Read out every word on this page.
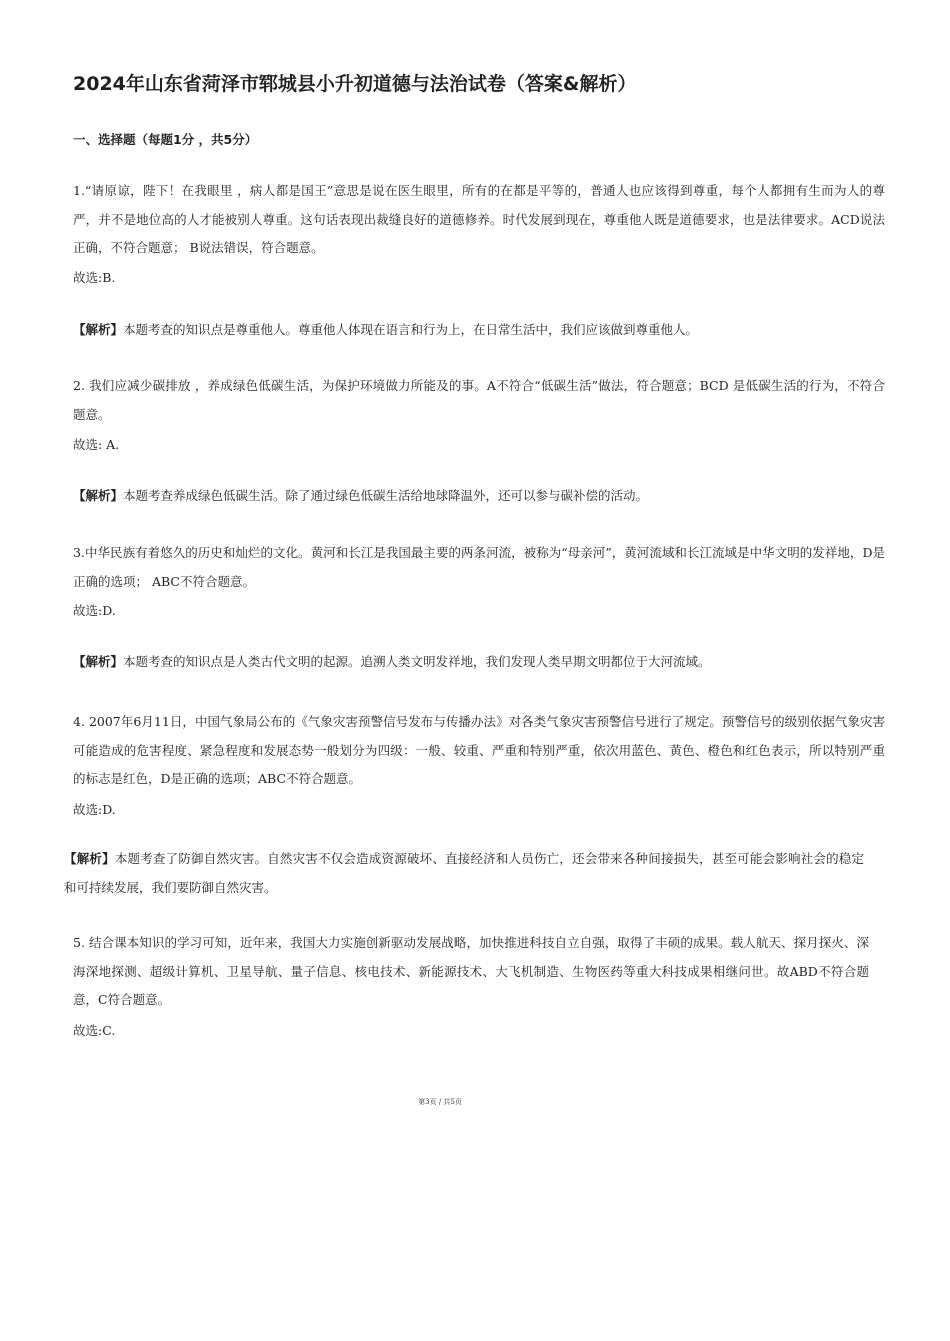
2024年山东省菏泽市郓城县小升初道德与法治试卷（答案&解析）
一、选择题（每题1分 ，共5分）

1.“请原谅，陛下！在我眼里 ，病人都是国王”意思是说在医生眼里，所有的在都是平等的，普通人也应该得到尊重，每个人都拥有生而为人的尊严，并不是地位高的人才能被别人尊重。这句话表现出裁缝良好的道德修养。时代发展到现在，尊重他人既是道德要求，也是法律要求。ACD说法正确，不符合题意； B说法错误，符合题意。

故选:B.

【解析】本题考查的知识点是尊重他人。尊重他人体现在语言和行为上，在日常生活中，我们应该做到尊重他人。

2. 我们应减少碳排放 ，养成绿色低碳生活，为保护环境做力所能及的事。A不符合“低碳生活”做法，符合题意；BCD 是低碳生活的行为，不符合题意。

故选: A.

【解析】本题考查养成绿色低碳生活。除了通过绿色低碳生活给地球降温外，还可以参与碳补偿的活动。

3.中华民族有着悠久的历史和灿烂的文化。黄河和长江是我国最主要的两条河流，被称为“母亲河”，黄河流域和长江流域是中华文明的发祥地，D是正确的选项； ABC不符合题意。

故选:D.

【解析】本题考查的知识点是人类古代文明的起源。追溯人类文明发祥地，我们发现人类早期文明都位于大河流域。

4. 2007年6月11日，中国气象局公布的《气象灾害预警信号发布与传播办法》对各类气象灾害预警信号进行了规定。预警信号的级别依据气象灾害可能造成的危害程度、紧急程度和发展态势一般划分为四级：一般、较重、严重和特别严重，依次用蓝色、黄色、橙色和红色表示，所以特别严重的标志是红色，D是正确的选项；ABC不符合题意。

故选:D.

【解析】本题考查了防御自然灾害。自然灾害不仅会造成资源破坏、直接经济和人员伤亡，还会带来各种间接损失，甚至可能会影响社会的稳定和可持续发展，我们要防御自然灾害。

5. 结合课本知识的学习可知，近年来，我国大力实施创新驱动发展战略，加快推进科技自立自强，取得了丰硕的成果。载人航天、探月探火、深海深地探测、超级计算机、卫星导航、量子信息、核电技术、新能源技术、大飞机制造、生物医药等重大科技成果相继问世。故ABD不符合题意，C符合题意。

故选:C.

第3页 / 共5页
